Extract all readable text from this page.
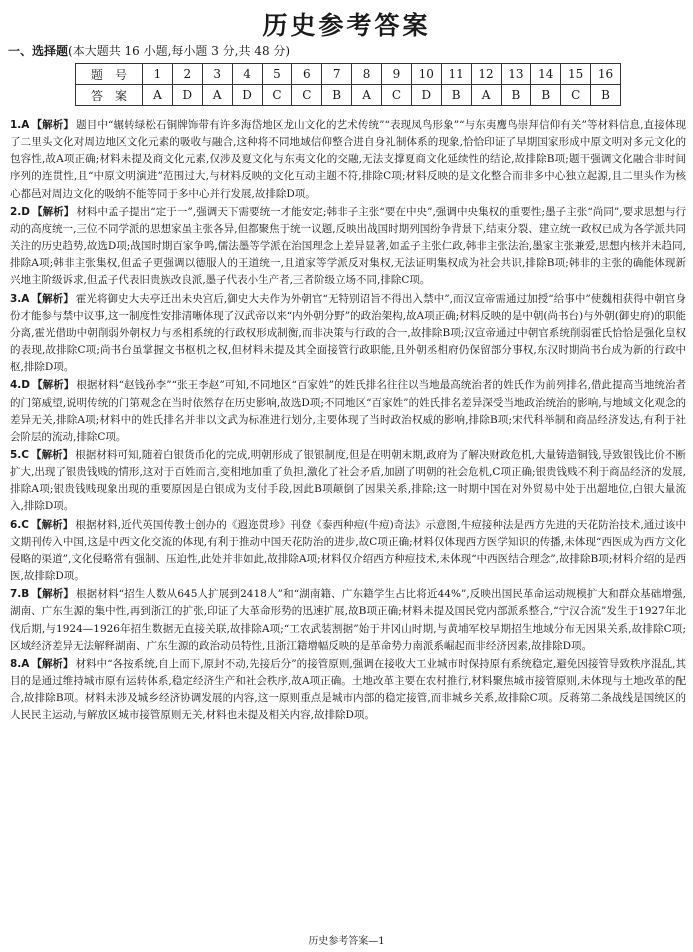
历史参考答案
一、选择题(本大题共 16 小题,每小题 3 分,共 48 分)
题号	1	2	3	4	5	6	7	8	9	10	11	12	13	14	15	16
答案	A	D	A	D	C	C	B	A	C	D	B	A	B	B	C	B
1.A 【解析】 题目中“辗转绿松石铜牌饰带有许多海岱地区龙山文化的艺术传统”“表现凤鸟形象”“与东夷鹰鸟崇拜信仰有关”等材料信息,直接体现了二里头文化对周边地区文化元素的吸收与融合,这种将不同地域信仰整合进自身礼制体系的现象,恰恰印证了早期国家形成中原文明对多元文化的包容性,故A项正确;材料未提及商文化元素,仅涉及夏文化与东夷文化的交融,无法支撑夏商文化延续性的结论,故排除B项;题干强调文化融合非时间序列的连贯性,且“中原文明演进”范围过大,与材料反映的文化互动主题不符,排除C项;材料反映的是文化整合而非多中心独立起源,且二里头作为核心都邑对周边文化的吸纳不能等同于多中心并行发展,故排除D项。
2.D 【解析】 材料中孟子提出“定于一”,强调天下需要统一才能安定;韩非子主张“要在中央”,强调中央集权的重要性;墨子主张“尚同”,要求思想与行动的高度统一,三位不同学派的思想家虽主张各异,但都聚焦于统一议题,反映出战国时期列国纷争背景下,结束分裂、建立统一政权已成为各学派共同关注的历史趋势,故选D项;战国时期百家争鸣,儒法墨等学派在治国理念上差异显著,如孟子主张仁政,韩非主张法治,墨家主张兼爱,思想内核并未趋同,排除A项;韩非主张集权,但孟子更强调以德服人的王道统一,且道家等学派反对集权,无法证明集权成为社会共识,排除B项;韩非的主张的确能体现新兴地主阶级诉求,但孟子代表旧贵族改良派,墨子代表小生产者,三者阶级立场不同,排除C项。
3.A 【解析】 霍光将御史大夫亭迁出未央宫后,御史大夫作为外朝官“无特别诏旨不得出入禁中”,而汉宣帝需通过加授“给事中”使魏相获得中朝官身份才能参与禁中议事,这一制度性安排清晰体现了汉武帝以来“内外朝分野”的政治架构,故A项正确;材料反映的是中朝(尚书台)与外朝(御史府)的职能分离,霍光借助中朝削弱外朝权力与丞相系统的行政权形成制衡,而非决策与行政的合一,故排除B项;汉宣帝通过中朝官系统削弱霍氏恰恰是强化皇权的表现,故排除C项;尚书台虽掌握文书枢机之权,但材料未提及其全面接管行政职能,且外朝丞相府仍保留部分事权,东汉时期尚书台成为新的行政中枢,排除D项。
4.D 【解析】 根据材料“赵钱孙李”“张王李赵”可知,不同地区“百家姓”的姓氏排名往往以当地最高统治者的姓氏作为前列排名,借此提高当地统治者的门第威望,说明传统的门第观念在当时依然存在历史影响,故选D项;不同地区“百家姓”的姓氏排名差异深受当地政治统治的影响,与地域文化观念的差异无关,排除A项;材料中的姓氏排名并非以文武为标准进行划分,主要体现了当时政治权威的影响,排除B项;宋代科举制和商品经济发达,有利于社会阶层的流动,排除C项。
5.C 【解析】 根据材料可知,随着白银货币化的完成,明朝形成了银银制度,但是在明朝末期,政府为了解决财政危机,大量铸造铜钱,导致银钱比价不断扩大,出现了银贵钱贱的情形,这对于百姓而言,变相地加重了负担,激化了社会矛盾,加剧了明朝的社会危机,C项正确;银贵钱贱不利于商品经济的发展,排除A项;银贵钱贱现象出现的重要原因是白银成为支付手段,因此B项颠倒了因果关系,排除;这一时期中国在对外贸易中处于出超地位,白银大量流入,排除D项。
6.C 【解析】 根据材料,近代英国传教士创办的《遐迩贯珍》刊登《泰西种痘(牛痘)奇法》示意图,牛痘接种法是西方先进的天花防治技术,通过该中文期刊传入中国,这是中西文化交流的体现,有利于推动中国天花防治的进步,故C项正确;材料仅体现西方医学知识的传播,未体现“西医成为西方文化侵略的渠道”,文化侵略常有强制、压迫性,此处并非如此,故排除A项;材料仅介绍西方种痘技术,未体现“中西医结合理念”,故排除B项;材料介绍的是西医,故排除D项。
7.B 【解析】 根据材料“招生人数从645人扩展到2418人”和“湖南籍、广东籍学生占比将近44%”,反映出国民革命运动规模扩大和群众基础增强,湖南、广东生源的集中性,再到浙江的扩张,印证了大革命形势的迅速扩展,故B项正确;材料未提及国民党内部派系整合,“宁汉合流”发生于1927年北伐后期,与1924—1926年招生数据无直接关联,故排除A项;“工农武装割据”始于井冈山时期,与黄埔军校早期招生地域分布无因果关系,故排除C项;区域经济差异无法解释湖南、广东生源的政治动员特性,且浙江籍增幅反映的是革命势力南派系崛起而非经济因素,故排除D项。
8.A 【解析】 材料中“各按系统,自上而下,原封不动,先接后分”的接管原则,强调在接收大工业城市时保持原有系统稳定,避免因接管导致秩序混乱,其目的是通过维持城市原有运转体系,稳定经济生产和社会秩序,故A项正确。土地改革主要在农村推行,材料聚焦城市接管原则,未体现与土地改革的配合,故排除B项。材料未涉及城乡经济协调发展的内容,这一原则重点是城市内部的稳定接管,而非城乡关系,故排除C项。反蒋第二条战线是国统区的人民民主运动,与解放区城市接管原则无关,材料也未提及相关内容,故排除D项。
历史参考答案—1
